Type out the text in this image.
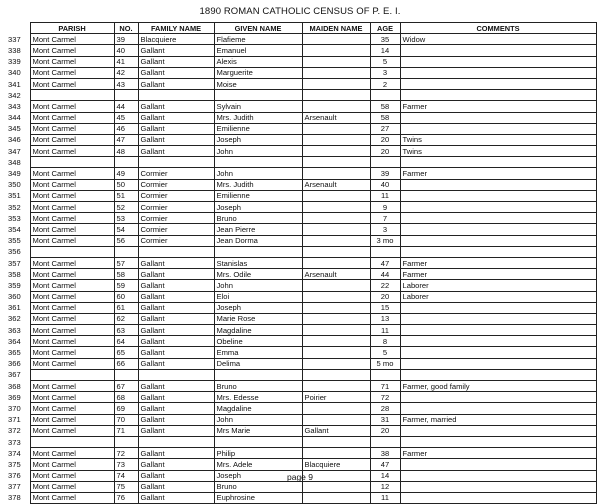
1890 ROMAN CATHOLIC CENSUS OF P. E. I.
	PARISH	NO.	FAMILY NAME	GIVEN NAME	MAIDEN NAME	AGE	COMMENTS
337	Mont Carmel	39	Blacquiere	Flafieme		35	Widow
338	Mont Carmel	40	Gallant	Emanuel		14	
339	Mont Carmel	41	Gallant	Alexis		5	
340	Mont Carmel	42	Gallant	Marguerite		3	
341	Mont Carmel	43	Gallant	Moise		2	
342							
343	Mont Carmel	44	Gallant	Sylvain		58	Farmer
344	Mont Carmel	45	Gallant	Mrs. Judith	Arsenault	58	
345	Mont Carmel	46	Gallant	Emilienne		27	
346	Mont Carmel	47	Gallant	Joseph		20	Twins
347	Mont Carmel	48	Gallant	John		20	Twins
348							
349	Mont Carmel	49	Cormier	John		39	Farmer
350	Mont Carmel	50	Cormier	Mrs. Judith	Arsenault	40	
351	Mont Carmel	51	Cormier	Emilienne		11	
352	Mont Carmel	52	Cormier	Joseph		9	
353	Mont Carmel	53	Cormier	Bruno		7	
354	Mont Carmel	54	Cormier	Jean Pierre		3	
355	Mont Carmel	56	Cormier	Jean Dorma		3 mo	
356							
357	Mont Carmel	57	Gallant	Stanislas		47	Farmer
358	Mont Carmel	58	Gallant	Mrs. Odile	Arsenault	44	Farmer
359	Mont Carmel	59	Gallant	John		22	Laborer
360	Mont Carmel	60	Gallant	Eloi		20	Laborer
361	Mont Carmel	61	Gallant	Joseph		15	
362	Mont Carmel	62	Gallant	Marie Rose		13	
363	Mont Carmel	63	Gallant	Magdaline		11	
364	Mont Carmel	64	Gallant	Obeline		8	
365	Mont Carmel	65	Gallant	Emma		5	
366	Mont Carmel	66	Gallant	Delima		5 mo	
367							
368	Mont Carmel	67	Gallant	Bruno		71	Farmer, good family
369	Mont Carmel	68	Gallant	Mrs. Edesse	Poirier	72	
370	Mont Carmel	69	Gallant	Magdaline		28	
371	Mont Carmel	70	Gallant	John		31	Farmer, married
372	Mont Carmel	71	Gallant	Mrs Marie	Gallant	20	
373							
374	Mont Carmel	72	Gallant	Philip		38	Farmer
375	Mont Carmel	73	Gallant	Mrs. Adele	Blacquiere	47	
376	Mont Carmel	74	Gallant	Joseph		14	
377	Mont Carmel	75	Gallant	Bruno		12	
378	Mont Carmel	76	Gallant	Euphrosine		11	
page 9
